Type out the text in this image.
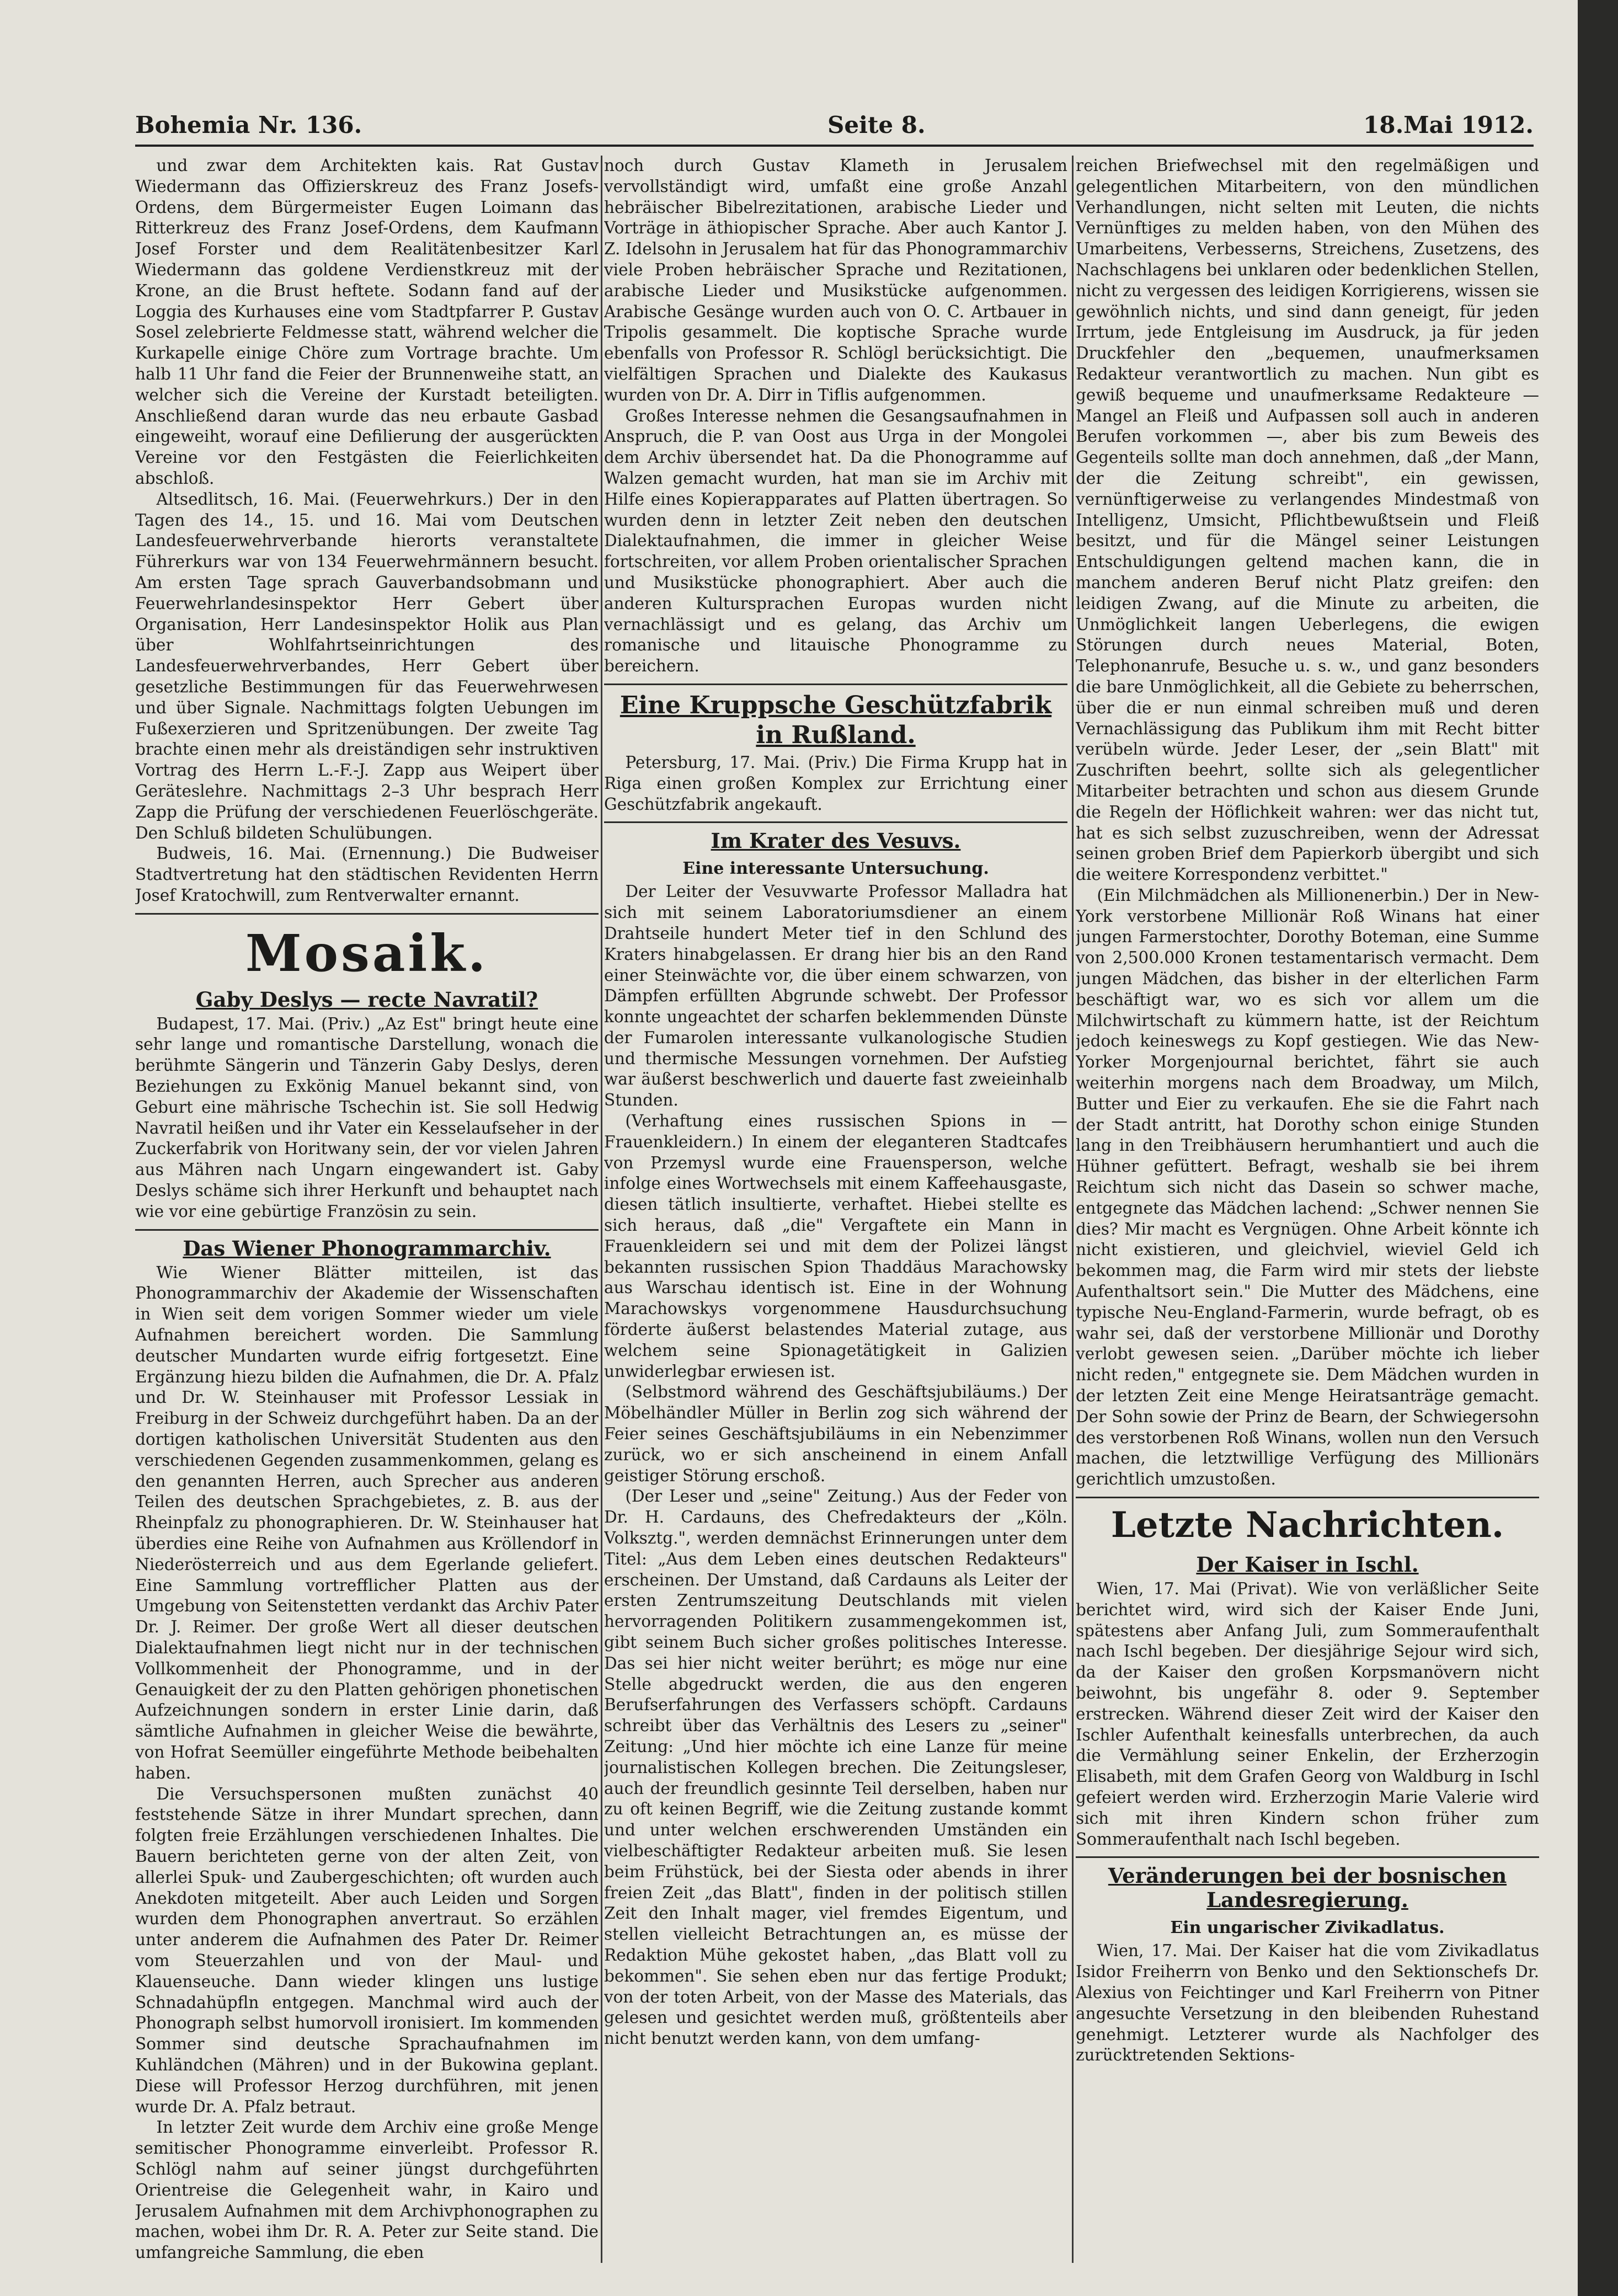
Bohemia Nr. 136.	Seite 8.	18.Mai 1912.

und zwar dem Architekten kais. Rat Gustav Wiedermann das Offizierskreuz des Franz Josefs-Ordens, dem Bürgermeister Eugen Loimann das Ritterkreuz des Franz Josef-Ordens, dem Kaufmann Josef Forster und dem Realitätenbesitzer Karl Wiedermann das goldene Verdienstkreuz mit der Krone, an die Brust heftete. Sodann fand auf der Loggia des Kurhauses eine vom Stadtpfarrer P. Gustav Sosel zelebrierte Feldmesse statt, während welcher die Kurkapelle einige Chöre zum Vortrage brachte. Um halb 11 Uhr fand die Feier der Brunnenweihe statt, an welcher sich die Vereine der Kurstadt beteiligten. Anschließend daran wurde das neu erbaute Gasbad eingeweiht, worauf eine Defilierung der ausgerückten Vereine vor den Festgästen die Feierlichkeiten abschloß.

Altsedlitsch, 16. Mai. (Feuerwehrkurs.) Der in den Tagen des 14., 15. und 16. Mai vom Deutschen Landesfeuerwehrverbande hierorts veranstaltete Führerkurs war von 134 Feuerwehrmännern besucht. Am ersten Tage sprach Gauverbandsobmann und Feuerwehrlandesinspektor Herr Gebert über Organisation, Herr Landesinspektor Holik aus Plan über Wohlfahrtseinrichtungen des Landesfeuerwehrverbandes, Herr Gebert über gesetzliche Bestimmungen für das Feuerwehrwesen und über Signale. Nachmittags folgten Uebungen im Fußexerzieren und Spritzenübungen. Der zweite Tag brachte einen mehr als dreiständigen sehr instruktiven Vortrag des Herrn L.-F.-J. Zapp aus Weipert über Geräteslehre. Nachmittags 2–3 Uhr besprach Herr Zapp die Prüfung der verschiedenen Feuerlöschgeräte. Den Schluß bildeten Schulübungen.

Budweis, 16. Mai. (Ernennung.) Die Budweiser Stadtvertretung hat den städtischen Revidenten Herrn Josef Kratochwill, zum Rentverwalter ernannt.

Mosaik.
Gaby Deslys — recte Navratil?

Budapest, 17. Mai. (Priv.) „Az Est" bringt heute eine sehr lange und romantische Darstellung, wonach die berühmte Sängerin und Tänzerin Gaby Deslys, deren Beziehungen zu Exkönig Manuel bekannt sind, von Geburt eine mährische Tschechin ist. Sie soll Hedwig Navratil heißen und ihr Vater ein Kesselaufseher in der Zuckerfabrik von Horitwany sein, der vor vielen Jahren aus Mähren nach Ungarn eingewandert ist. Gaby Deslys schäme sich ihrer Herkunft und behauptet nach wie vor eine gebürtige Französin zu sein.

Das Wiener Phonogrammarchiv.

Wie Wiener Blätter mitteilen, ist das Phonogrammarchiv der Akademie der Wissenschaften in Wien seit dem vorigen Sommer wieder um viele Aufnahmen bereichert worden. Die Sammlung deutscher Mundarten wurde eifrig fortgesetzt. Eine Ergänzung hiezu bilden die Aufnahmen, die Dr. A. Pfalz und Dr. W. Steinhauser mit Professor Lessiak in Freiburg in der Schweiz durchgeführt haben. Da an der dortigen katholischen Universität Studenten aus den verschiedenen Gegenden zusammenkommen, gelang es den genannten Herren, auch Sprecher aus anderen Teilen des deutschen Sprachgebietes, z. B. aus der Rheinpfalz zu phonographieren. Dr. W. Steinhauser hat überdies eine Reihe von Aufnahmen aus Kröllendorf in Niederösterreich und aus dem Egerlande geliefert. Eine Sammlung vortrefflicher Platten aus der Umgebung von Seitenstetten verdankt das Archiv Pater Dr. J. Reimer. Der große Wert all dieser deutschen Dialektaufnahmen liegt nicht nur in der technischen Vollkommenheit der Phonogramme, und in der Genauigkeit der zu den Platten gehörigen phonetischen Aufzeichnungen sondern in erster Linie darin, daß sämtliche Aufnahmen in gleicher Weise die bewährte, von Hofrat Seemüller eingeführte Methode beibehalten haben.

Die Versuchspersonen mußten zunächst 40 feststehende Sätze in ihrer Mundart sprechen, dann folgten freie Erzählungen verschiedenen Inhaltes. Die Bauern berichteten gerne von der alten Zeit, von allerlei Spuk- und Zaubergeschichten; oft wurden auch Anekdoten mitgeteilt. Aber auch Leiden und Sorgen wurden dem Phonographen anvertraut. So erzählen unter anderem die Aufnahmen des Pater Dr. Reimer vom Steuerzahlen und von der Maul- und Klauenseuche. Dann wieder klingen uns lustige Schnadahüpfln entgegen. Manchmal wird auch der Phonograph selbst humorvoll ironisiert. Im kommenden Sommer sind deutsche Sprachaufnahmen im Kuhländchen (Mähren) und in der Bukowina geplant. Diese will Professor Herzog durchführen, mit jenen wurde Dr. A. Pfalz betraut.

In letzter Zeit wurde dem Archiv eine große Menge semitischer Phonogramme einverleibt. Professor R. Schlögl nahm auf seiner jüngst durchgeführten Orientreise die Gelegenheit wahr, in Kairo und Jerusalem Aufnahmen mit dem Archivphonographen zu machen, wobei ihm Dr. R. A. Peter zur Seite stand. Die umfangreiche Sammlung, die eben

noch durch Gustav Klameth in Jerusalem vervollständigt wird, umfaßt eine große Anzahl hebräischer Bibelrezitationen, arabische Lieder und Vorträge in äthiopischer Sprache. Aber auch Kantor J. Z. Idelsohn in Jerusalem hat für das Phonogrammarchiv viele Proben hebräischer Sprache und Rezitationen, arabische Lieder und Musikstücke aufgenommen. Arabische Gesänge wurden auch von O. C. Artbauer in Tripolis gesammelt. Die koptische Sprache wurde ebenfalls von Professor R. Schlögl berücksichtigt. Die vielfältigen Sprachen und Dialekte des Kaukasus wurden von Dr. A. Dirr in Tiflis aufgenommen.

Großes Interesse nehmen die Gesangsaufnahmen in Anspruch, die P. van Oost aus Urga in der Mongolei dem Archiv übersendet hat. Da die Phonogramme auf Walzen gemacht wurden, hat man sie im Archiv mit Hilfe eines Kopierapparates auf Platten übertragen. So wurden denn in letzter Zeit neben den deutschen Dialektaufnahmen, die immer in gleicher Weise fortschreiten, vor allem Proben orientalischer Sprachen und Musikstücke phonographiert. Aber auch die anderen Kultursprachen Europas wurden nicht vernachlässigt und es gelang, das Archiv um romanische und litauische Phonogramme zu bereichern.

Eine Kruppsche Geschützfabrik in Rußland.

Petersburg, 17. Mai. (Priv.) Die Firma Krupp hat in Riga einen großen Komplex zur Errichtung einer Geschützfabrik angekauft.

Im Krater des Vesuvs.
Eine interessante Untersuchung.

Der Leiter der Vesuvwarte Professor Malladra hat sich mit seinem Laboratoriumsdiener an einem Drahtseile hundert Meter tief in den Schlund des Kraters hinabgelassen. Er drang hier bis an den Rand einer Steinwächte vor, die über einem schwarzen, von Dämpfen erfüllten Abgrunde schwebt. Der Professor konnte ungeachtet der scharfen beklemmenden Dünste der Fumarolen interessante vulkanologische Studien und thermische Messungen vornehmen. Der Aufstieg war äußerst beschwerlich und dauerte fast zweieinhalb Stunden.

(Verhaftung eines russischen Spions in — Frauenkleidern.) In einem der eleganteren Stadtcafes von Przemysl wurde eine Frauensperson, welche infolge eines Wortwechsels mit einem Kaffeehausgaste, diesen tätlich insultierte, verhaftet. Hiebei stellte es sich heraus, daß „die" Vergaftete ein Mann in Frauenkleidern sei und mit dem der Polizei längst bekannten russischen Spion Thaddäus Marachowsky aus Warschau identisch ist. Eine in der Wohnung Marachowskys vorgenommene Hausdurchsuchung förderte äußerst belastendes Material zutage, aus welchem seine Spionagetätigkeit in Galizien unwiderlegbar erwiesen ist.

(Selbstmord während des Geschäftsjubiläums.) Der Möbelhändler Müller in Berlin zog sich während der Feier seines Geschäftsjubiläums in ein Nebenzimmer zurück, wo er sich anscheinend in einem Anfall geistiger Störung erschoß.

(Der Leser und „seine" Zeitung.) Aus der Feder von Dr. H. Cardauns, des Chefredakteurs der „Köln. Volksztg.", werden demnächst Erinnerungen unter dem Titel: „Aus dem Leben eines deutschen Redakteurs" erscheinen. Der Umstand, daß Cardauns als Leiter der ersten Zentrumszeitung Deutschlands mit vielen hervorragenden Politikern zusammengekommen ist, gibt seinem Buch sicher großes politisches Interesse. Das sei hier nicht weiter berührt; es möge nur eine Stelle abgedruckt werden, die aus den engeren Berufserfahrungen des Verfassers schöpft. Cardauns schreibt über das Verhältnis des Lesers zu „seiner" Zeitung: „Und hier möchte ich eine Lanze für meine journalistischen Kollegen brechen. Die Zeitungsleser, auch der freundlich gesinnte Teil derselben, haben nur zu oft keinen Begriff, wie die Zeitung zustande kommt und unter welchen erschwerenden Umständen ein vielbeschäftigter Redakteur arbeiten muß. Sie lesen beim Frühstück, bei der Siesta oder abends in ihrer freien Zeit „das Blatt", finden in der politisch stillen Zeit den Inhalt mager, viel fremdes Eigentum, und stellen vielleicht Betrachtungen an, es müsse der Redaktion Mühe gekostet haben, „das Blatt voll zu bekommen". Sie sehen eben nur das fertige Produkt; von der toten Arbeit, von der Masse des Materials, das gelesen und gesichtet werden muß, größtenteils aber nicht benutzt werden kann, von dem umfang-

reichen Briefwechsel mit den regelmäßigen und gelegentlichen Mitarbeitern, von den mündlichen Verhandlungen, nicht selten mit Leuten, die nichts Vernünftiges zu melden haben, von den Mühen des Umarbeitens, Verbesserns, Streichens, Zusetzens, des Nachschlagens bei unklaren oder bedenklichen Stellen, nicht zu vergessen des leidigen Korrigierens, wissen sie gewöhnlich nichts, und sind dann geneigt, für jeden Irrtum, jede Entgleisung im Ausdruck, ja für jeden Druckfehler den „bequemen, unaufmerksamen Redakteur verantwortlich zu machen. Nun gibt es gewiß bequeme und unaufmerksame Redakteure — Mangel an Fleiß und Aufpassen soll auch in anderen Berufen vorkommen —, aber bis zum Beweis des Gegenteils sollte man doch annehmen, daß „der Mann, der die Zeitung schreibt", ein gewissen, vernünftigerweise zu verlangendes Mindestmaß von Intelligenz, Umsicht, Pflichtbewußtsein und Fleiß besitzt, und für die Mängel seiner Leistungen Entschuldigungen geltend machen kann, die in manchem anderen Beruf nicht Platz greifen: den leidigen Zwang, auf die Minute zu arbeiten, die Unmöglichkeit langen Ueberlegens, die ewigen Störungen durch neues Material, Boten, Telephonanrufe, Besuche u. s. w., und ganz besonders die bare Unmöglichkeit, all die Gebiete zu beherrschen, über die er nun einmal schreiben muß und deren Vernachlässigung das Publikum ihm mit Recht bitter verübeln würde. Jeder Leser, der „sein Blatt" mit Zuschriften beehrt, sollte sich als gelegentlicher Mitarbeiter betrachten und schon aus diesem Grunde die Regeln der Höflichkeit wahren: wer das nicht tut, hat es sich selbst zuzuschreiben, wenn der Adressat seinen groben Brief dem Papierkorb übergibt und sich die weitere Korrespondenz verbittet."

(Ein Milchmädchen als Millionenerbin.) Der in New-York verstorbene Millionär Roß Winans hat einer jungen Farmerstochter, Dorothy Boteman, eine Summe von 2,500.000 Kronen testamentarisch vermacht. Dem jungen Mädchen, das bisher in der elterlichen Farm beschäftigt war, wo es sich vor allem um die Milchwirtschaft zu kümmern hatte, ist der Reichtum jedoch keineswegs zu Kopf gestiegen. Wie das New-Yorker Morgenjournal berichtet, fährt sie auch weiterhin morgens nach dem Broadway, um Milch, Butter und Eier zu verkaufen. Ehe sie die Fahrt nach der Stadt antritt, hat Dorothy schon einige Stunden lang in den Treibhäusern herumhantiert und auch die Hühner gefüttert. Befragt, weshalb sie bei ihrem Reichtum sich nicht das Dasein so schwer mache, entgegnete das Mädchen lachend: „Schwer nennen Sie dies? Mir macht es Vergnügen. Ohne Arbeit könnte ich nicht existieren, und gleichviel, wieviel Geld ich bekommen mag, die Farm wird mir stets der liebste Aufenthaltsort sein." Die Mutter des Mädchens, eine typische Neu-England-Farmerin, wurde befragt, ob es wahr sei, daß der verstorbene Millionär und Dorothy verlobt gewesen seien. „Darüber möchte ich lieber nicht reden," entgegnete sie. Dem Mädchen wurden in der letzten Zeit eine Menge Heiratsanträge gemacht. Der Sohn sowie der Prinz de Bearn, der Schwiegersohn des verstorbenen Roß Winans, wollen nun den Versuch machen, die letztwillige Verfügung des Millionärs gerichtlich umzustoßen.

Letzte Nachrichten.
Der Kaiser in Ischl.

Wien, 17. Mai (Privat). Wie von verläßlicher Seite berichtet wird, wird sich der Kaiser Ende Juni, spätestens aber Anfang Juli, zum Sommeraufenthalt nach Ischl begeben. Der diesjährige Sejour wird sich, da der Kaiser den großen Korpsmanövern nicht beiwohnt, bis ungefähr 8. oder 9. September erstrecken. Während dieser Zeit wird der Kaiser den Ischler Aufenthalt keinesfalls unterbrechen, da auch die Vermählung seiner Enkelin, der Erzherzogin Elisabeth, mit dem Grafen Georg von Waldburg in Ischl gefeiert werden wird. Erzherzogin Marie Valerie wird sich mit ihren Kindern schon früher zum Sommeraufenthalt nach Ischl begeben.

Veränderungen bei der bosnischen Landesregierung.
Ein ungarischer Zivikadlatus.

Wien, 17. Mai. Der Kaiser hat die vom Zivikadlatus Isidor Freiherrn von Benko und den Sektionschefs Dr. Alexius von Feichtinger und Karl Freiherrn von Pitner angesuchte Versetzung in den bleibenden Ruhestand genehmigt. Letzterer wurde als Nachfolger des zurücktretenden Sektions-
